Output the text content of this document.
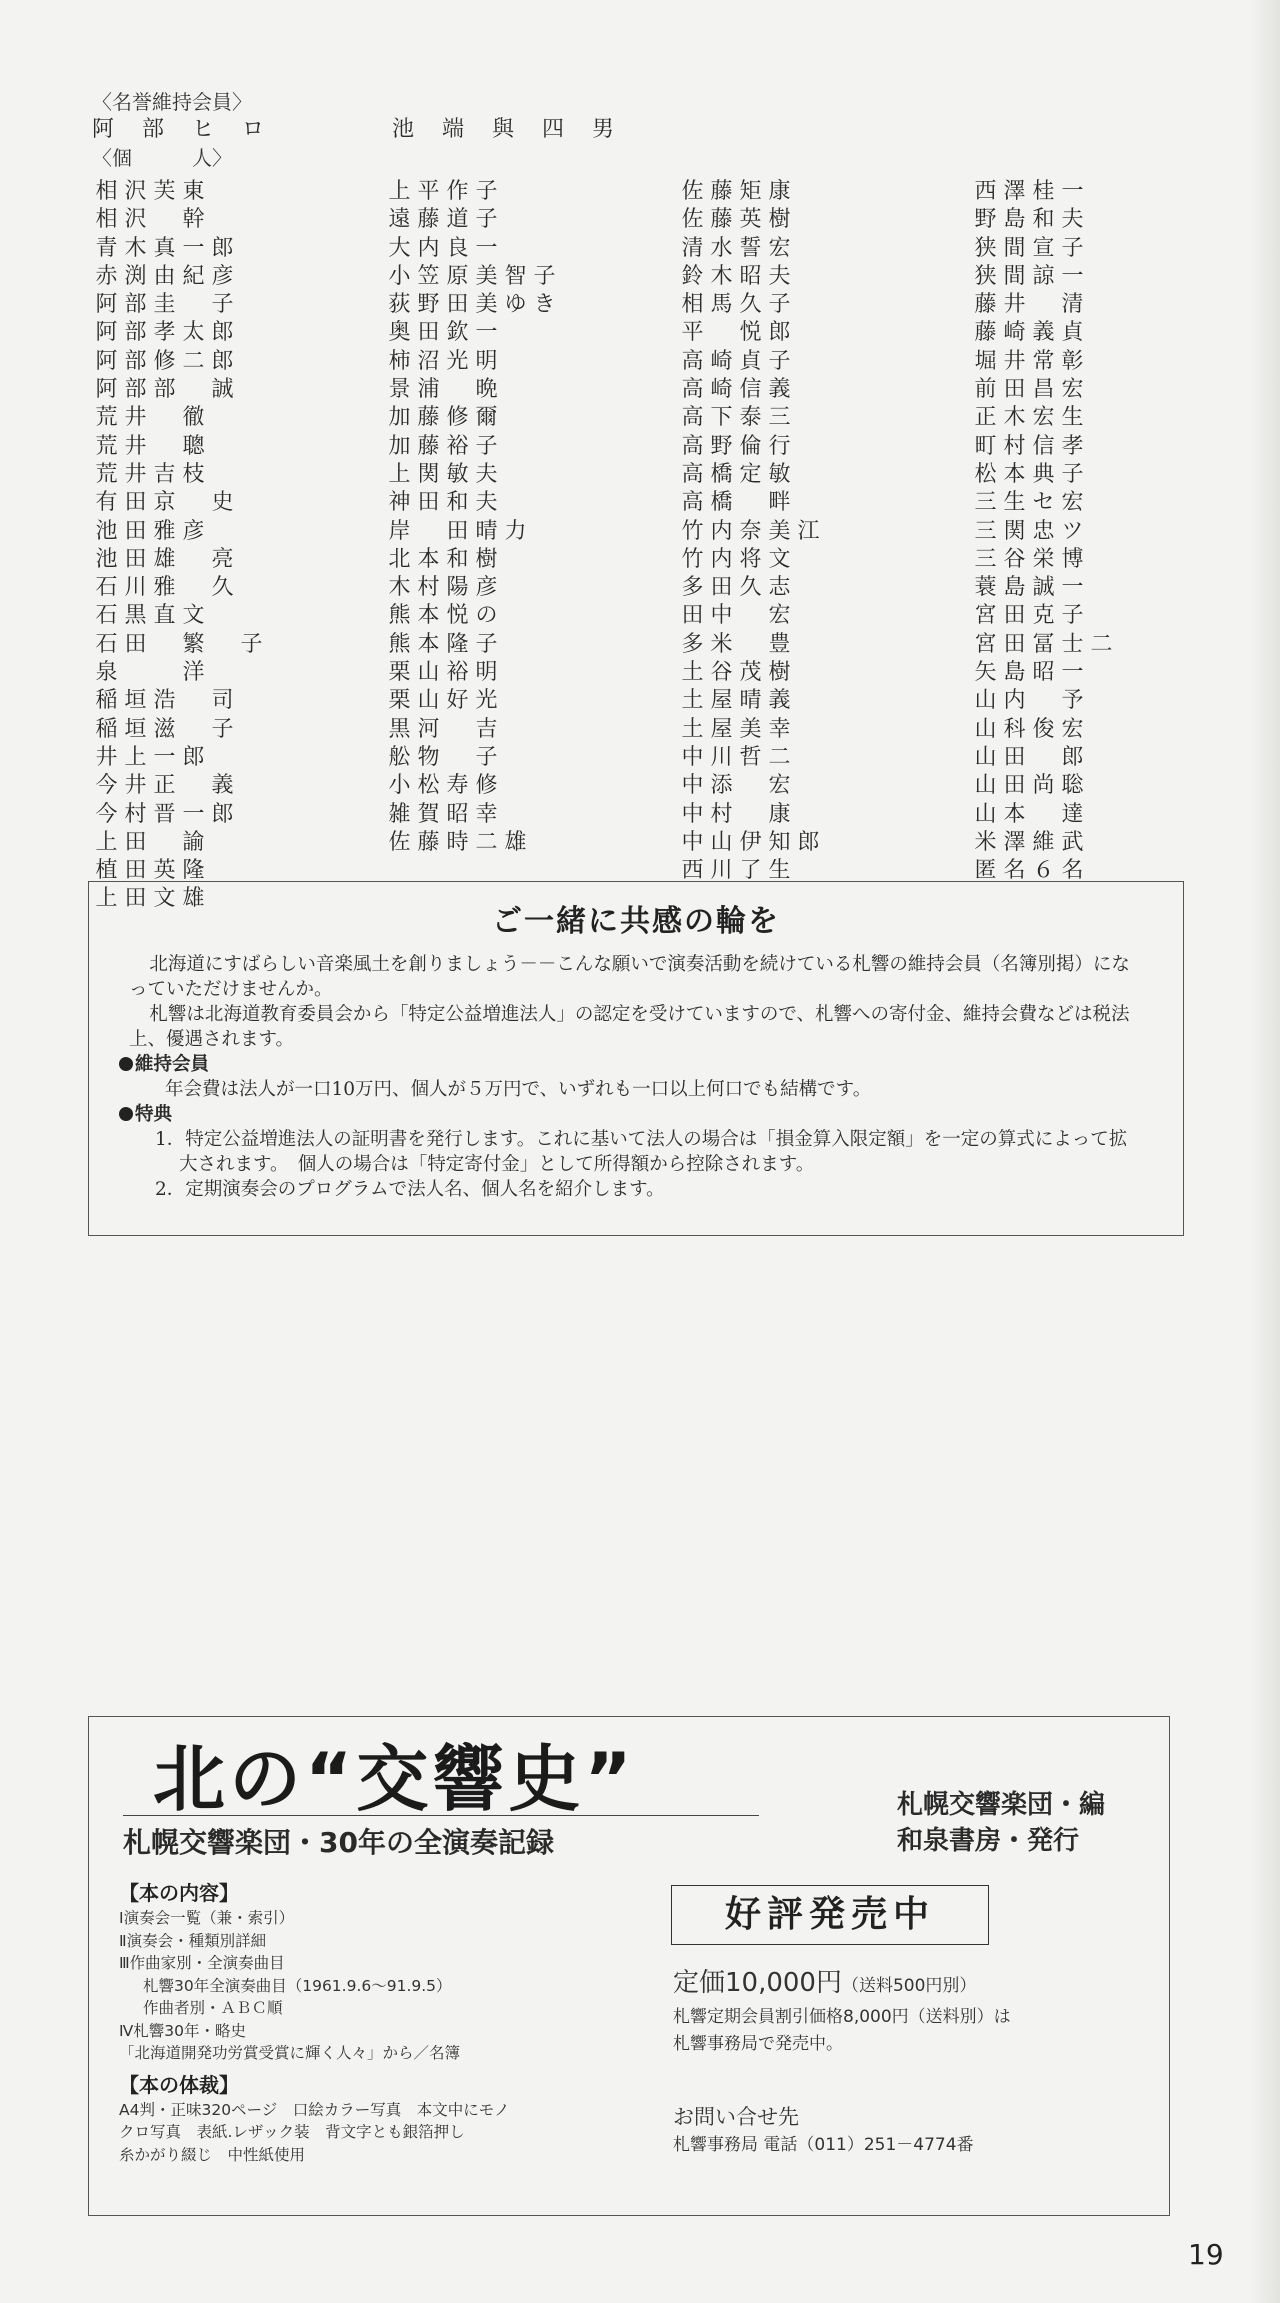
〈名誉維持会員〉
阿 部 ヒ ロ	池 端 與 四 男
〈個　　　人〉
相 沢 芙 東
相 沢　 幹
青 木 真 一 郎
赤 渕 由 紀 彦
阿 部 圭　 子
阿 部 孝 太 郎
阿 部 修 二 郎
阿 部 部　 誠
荒 井　 徹
荒 井　 聰
荒 井 吉 枝
有 田 京　 史
池 田 雅 彦
池 田 雄　 亮
石 川 雅　 久
石 黒 直 文
石 田　 繁　 子
泉　　	洋
稲 垣 浩　 司
稲 垣 滋　 子
井 上 一 郎
今 井 正　 義
今 村 晋 一 郎
上 田　 諭
植 田 英 隆
上 田 文 雄
上 平 作 子
遠 藤 道 子
大 内 良 一
小 笠 原 美 智 子
荻 野 田 美 ゆ き
奥 田 欽 一
柿 沼 光 明
景 浦　 晩
加 藤 修 爾
加 藤 裕 子
上 関 敏 夫
神 田 和 夫
岸　 田 晴 力
北 本 和 樹
木 村 陽 彦
熊 本 悦 の
熊 本 隆 子
栗 山 裕 明
栗 山 好 光
黒 河　 吉
舩 物　 子
小 松 寿 修
雑 賀 昭 幸
佐 藤 時 二 雄

佐 藤 矩 康
佐 藤 英 樹
清 水 誓 宏
鈴 木 昭 夫
相 馬 久 子
平　 悦 郎
高 崎 貞 子
高 崎 信 義
高 下 泰 三
高 野 倫 行
高 橋 定 敏
高 橋　 畔
竹 内 奈 美 江
竹 内 将 文
多 田 久 志
田 中　 宏
多 米　 豊
土 谷 茂 樹
土 屋 晴 義
土 屋 美 幸
中 川 哲 二
中 添　 宏
中 村　 康
中 山 伊 知 郎
西 川 了 生

西 澤 桂 一
野 島 和 夫
狭 間 宣 子
狭 間 諒 一
藤 井　 清
藤 崎 義 貞
堀 井 常 彰
前 田 昌 宏
正 木 宏 生
町 村 信 孝
松 本 典 子
三 生 セ 宏
三 関 忠 ツ
三 谷 栄 博
蓑 島 誠 一
宮 田 克 子
宮 田 冨 士 二
矢 島 昭 一
山 内　 予
山 科 俊 宏
山 田　 郎
山 田 尚 聡
山 本　 達
米 澤 維 武
匿 名 ６ 名

ご一緒に共感の輪を

北海道にすばらしい音楽風土を創りましょう－－こんな願いで演奏活動を続けている札響の維持会員（名簿別掲）になっていただけませんか。

札響は北海道教育委員会から「特定公益増進法人」の認定を受けていますので、札響への寄付金、維持会費などは税法上、優遇されます。

維持会員

年会費は法人が一口10万円、個人が５万円で、いずれも一口以上何口でも結構です。

特典

1．特定公益増進法人の証明書を発行します。これに基いて法人の場合は「損金算入限定額」を一定の算式によって拡大されます。　個人の場合は「特定寄付金」として所得額から控除されます。

2．定期演奏会のプログラムで法人名、個人名を紹介します。

北の“交響史”
札幌交響楽団・30年の全演奏記録
札幌交響楽団・編
和泉書房・発行
【本の内容】
Ⅰ演奏会一覧（兼・索引）
Ⅱ演奏会・種類別詳細
Ⅲ作曲家別・全演奏曲目
札響30年全演奏曲目（1961.9.6～91.9.5）
作曲者別・ＡＢＣ順
Ⅳ札響30年・略史
「北海道開発功労賞受賞に輝く人々」から／名簿
【本の体裁】
A4判・正味320ページ　口絵カラー写真　本文中にモノ
クロ写真　表紙.レザック装　背文字とも銀箔押し
糸かがり綴じ　中性紙使用
好評発売中
定価10,000円（送料500円別）
札響定期会員割引価格8,000円（送料別）は
札響事務局で発売中。
お問い合せ先
札響事務局 電話（011）251－4774番
19
